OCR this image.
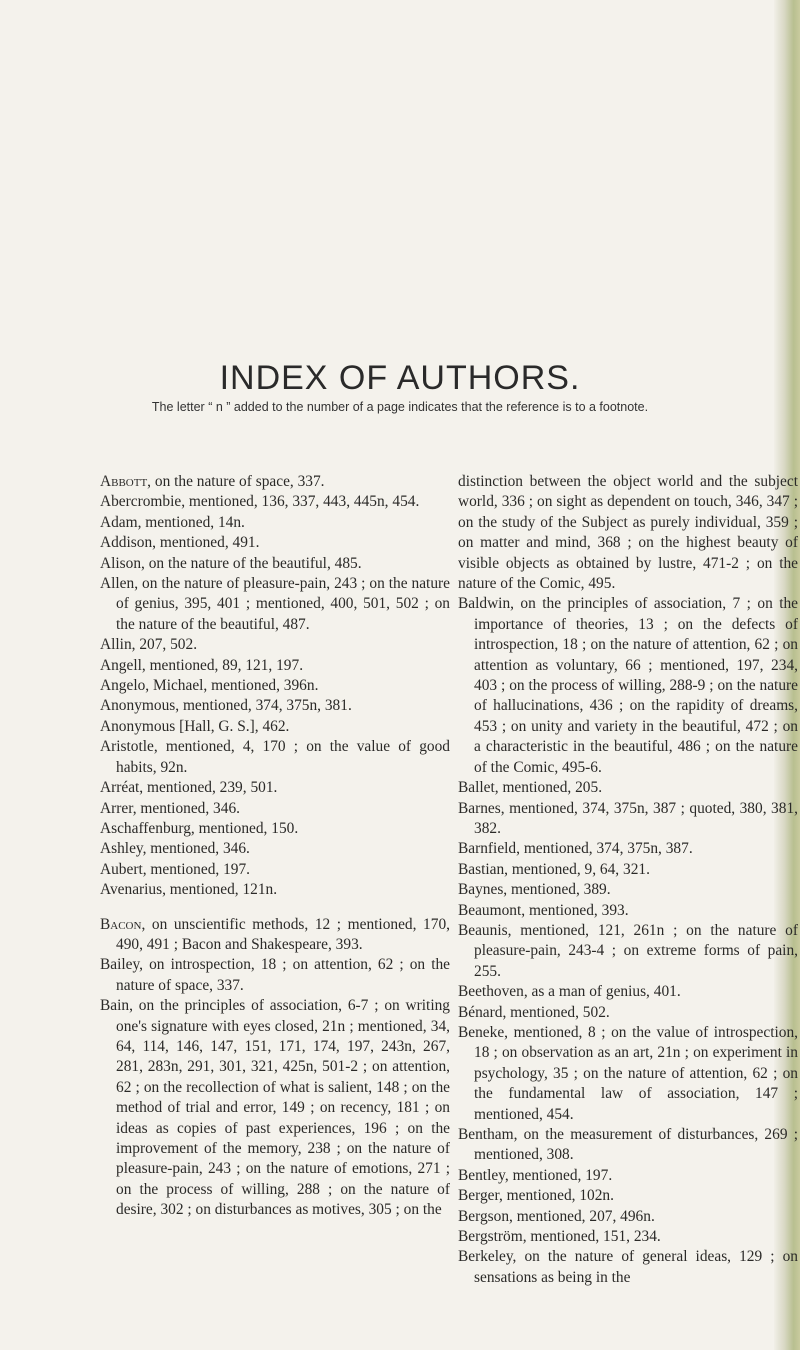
INDEX OF AUTHORS.
The letter “ n ” added to the number of a page indicates that the reference is to a footnote.

Abbott, on the nature of space, 337.

Abercrombie, mentioned, 136, 337, 443, 445n, 454.

Adam, mentioned, 14n.

Addison, mentioned, 491.

Alison, on the nature of the beautiful, 485.

Allen, on the nature of pleasure-pain, 243 ; on the nature of genius, 395, 401 ; mentioned, 400, 501, 502 ; on the nature of the beautiful, 487.

Allin, 207, 502.

Angell, mentioned, 89, 121, 197.

Angelo, Michael, mentioned, 396n.

Anonymous, mentioned, 374, 375n, 381.

Anonymous [Hall, G. S.], 462.

Aristotle, mentioned, 4, 170 ; on the value of good habits, 92n.

Arréat, mentioned, 239, 501.

Arrer, mentioned, 346.

Aschaffenburg, mentioned, 150.

Ashley, mentioned, 346.

Aubert, mentioned, 197.

Avenarius, mentioned, 121n.

Bacon, on unscientific methods, 12 ; mentioned, 170, 490, 491 ; Bacon and Shakespeare, 393.

Bailey, on introspection, 18 ; on attention, 62 ; on the nature of space, 337.

Bain, on the principles of association, 6-7 ; on writing one's signature with eyes closed, 21n ; mentioned, 34, 64, 114, 146, 147, 151, 171, 174, 197, 243n, 267, 281, 283n, 291, 301, 321, 425n, 501-2 ; on attention, 62 ; on the recollection of what is salient, 148 ; on the method of trial and error, 149 ; on recency, 181 ; on ideas as copies of past experiences, 196 ; on the improvement of the memory, 238 ; on the nature of pleasure-pain, 243 ; on the nature of emotions, 271 ; on the process of willing, 288 ; on the nature of desire, 302 ; on disturbances as motives, 305 ; on the

distinction between the object world and the subject world, 336 ; on sight as dependent on touch, 346, 347 ; on the study of the Subject as purely individual, 359 ; on matter and mind, 368 ; on the highest beauty of visible objects as obtained by lustre, 471-2 ; on the nature of the Comic, 495.

Baldwin, on the principles of association, 7 ; on the importance of theories, 13 ; on the defects of introspection, 18 ; on the nature of attention, 62 ; on attention as voluntary, 66 ; mentioned, 197, 234, 403 ; on the process of willing, 288-9 ; on the nature of hallucinations, 436 ; on the rapidity of dreams, 453 ; on unity and variety in the beautiful, 472 ; on a characteristic in the beautiful, 486 ; on the nature of the Comic, 495-6.

Ballet, mentioned, 205.

Barnes, mentioned, 374, 375n, 387 ; quoted, 380, 381, 382.

Barnfield, mentioned, 374, 375n, 387.

Bastian, mentioned, 9, 64, 321.

Baynes, mentioned, 389.

Beaumont, mentioned, 393.

Beaunis, mentioned, 121, 261n ; on the nature of pleasure-pain, 243-4 ; on extreme forms of pain, 255.

Beethoven, as a man of genius, 401.

Bénard, mentioned, 502.

Beneke, mentioned, 8 ; on the value of introspection, 18 ; on observation as an art, 21n ; on experiment in psychology, 35 ; on the nature of attention, 62 ; on the fundamental law of association, 147 ; mentioned, 454.

Bentham, on the measurement of disturbances, 269 ; mentioned, 308.

Bentley, mentioned, 197.

Berger, mentioned, 102n.

Bergson, mentioned, 207, 496n.

Bergström, mentioned, 151, 234.

Berkeley, on the nature of general ideas, 129 ; on sensations as being in the
